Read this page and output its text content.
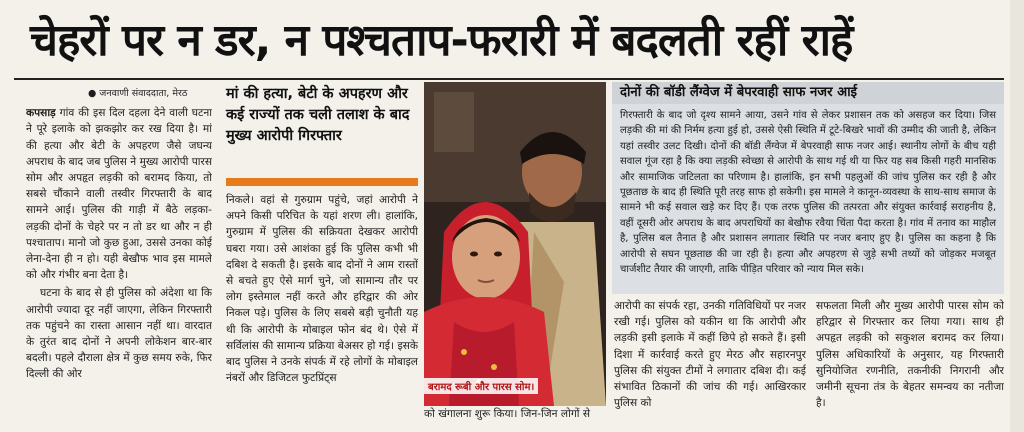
चेहरों पर न डर, न पश्चताप-फरारी में बदलती रहीं राहें
● जनवाणी संवाददाता, मेरठ

कपसाड़ गांव की इस दिल दहला देने वाली घटना ने पूरे इलाके को झकझोर कर रख दिया है। मां की हत्या और बेटी के अपहरण जैसे जघन्य अपराध के बाद जब पुलिस ने मुख्य आरोपी पारस सोम और अपहृत लड़की को बरामद किया, तो सबसे चौंकाने वाली तस्वीर गिरफ्तारी के बाद सामने आई। पुलिस की गाड़ी में बैठे लड़का-लड़की दोनों के चेहरे पर न तो डर था और न ही पश्चाताप। मानो जो कुछ हुआ, उससे उनका कोई लेना-देना ही न हो। यही बेखौफ भाव इस मामले को और गंभीर बना देता है।

घटना के बाद से ही पुलिस को अंदेशा था कि आरोपी ज्यादा दूर नहीं जाएगा, लेकिन गिरफ्तारी तक पहुंचने का रास्ता आसान नहीं था। वारदात के तुरंत बाद दोनों ने अपनी लोकेशन बार-बार बदली। पहले दौराला क्षेत्र में कुछ समय रुके, फिर दिल्ली की ओर

मां की हत्या, बेटी के अपहरण और कई राज्यों तक चली तलाश के बाद मुख्य आरोपी गिरफ्तार

निकले। वहां से गुरुग्राम पहुंचे, जहां आरोपी ने अपने किसी परिचित के यहां शरण ली। हालांकि, गुरुग्राम में पुलिस की सक्रियता देखकर आरोपी घबरा गया। उसे आशंका हुई कि पुलिस कभी भी दबिश दे सकती है। इसके बाद दोनों ने आम रास्तों से बचते हुए ऐसे मार्ग चुने, जो सामान्य तौर पर लोग इस्तेमाल नहीं करते और हरिद्वार की ओर निकल पड़े। पुलिस के लिए सबसे बड़ी चुनौती यह थी कि आरोपी के मोबाइल फोन बंद थे। ऐसे में सर्विलांस की सामान्य प्रक्रिया बेअसर हो गई। इसके बाद पुलिस ने उनके संपर्क में रहे लोगों के मोबाइल नंबरों और डिजिटल फुटप्रिंट्स

बरामद रूबी और पारस सोम।

को खंगालना शुरू किया। जिन-जिन लोगों से

दोनों की बॉडी लैंग्वेज में बेपरवाही साफ नजर आई

गिरफ्तारी के बाद जो दृश्य सामने आया, उसने गांव से लेकर प्रशासन तक को असहज कर दिया। जिस लड़की की मां की निर्मम हत्या हुई हो, उससे ऐसी स्थिति में टूटे-बिखरे भावों की उम्मीद की जाती है, लेकिन यहां तस्वीर उलट दिखी। दोनों की बॉडी लैंग्वेज में बेपरवाही साफ नजर आई। स्थानीय लोगों के बीच यही सवाल गूंज रहा है कि क्या लड़की स्वेच्छा से आरोपी के साथ गई थी या फिर यह सब किसी गहरी मानसिक और सामाजिक जटिलता का परिणाम है। हालांकि, इन सभी पहलुओं की जांच पुलिस कर रही है और पूछताछ के बाद ही स्थिति पूरी तरह साफ हो सकेगी। इस मामले ने कानून-व्यवस्था के साथ-साथ समाज के सामने भी कई सवाल खड़े कर दिए हैं। एक तरफ पुलिस की तत्परता और संयुक्त कार्रवाई सराहनीय है, वहीं दूसरी ओर अपराध के बाद अपराधियों का बेखौफ रवैया चिंता पैदा करता है। गांव में तनाव का माहौल है, पुलिस बल तैनात है और प्रशासन लगातार स्थिति पर नजर बनाए हुए है। पुलिस का कहना है कि आरोपी से सघन पूछताछ की जा रही है। हत्या और अपहरण से जुड़े सभी तथ्यों को जोड़कर मजबूत चार्जशीट तैयार की जाएगी, ताकि पीड़ित परिवार को न्याय मिल सके।

आरोपी का संपर्क रहा, उनकी गतिविधियों पर नजर रखी गई। पुलिस को यकीन था कि आरोपी और लड़की इसी इलाके में कहीं छिपे हो सकते हैं। इसी दिशा में कार्रवाई करते हुए मेरठ और सहारनपुर पुलिस की संयुक्त टीमों ने लगातार दबिश दी। कई संभावित ठिकानों की जांच की गई। आखिरकार पुलिस को

सफलता मिली और मुख्य आरोपी पारस सोम को हरिद्वार से गिरफ्तार कर लिया गया। साथ ही अपहृत लड़की को सकुशल बरामद कर लिया। पुलिस अधिकारियों के अनुसार, यह गिरफ्तारी सुनियोजित रणनीति, तकनीकी निगरानी और जमीनी सूचना तंत्र के बेहतर समन्वय का नतीजा है।
